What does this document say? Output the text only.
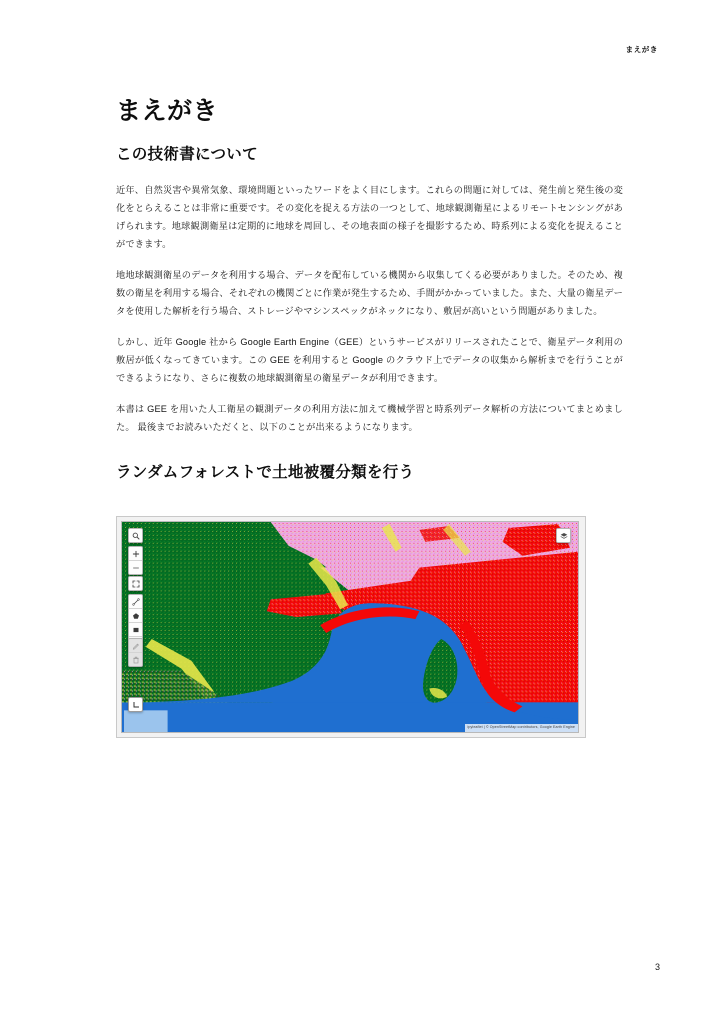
まえがき
まえがき
この技術書について

近年、自然災害や異常気象、環境問題といったワードをよく目にします。これらの問題に対しては、発生前と発生後の変化をとらえることは非常に重要です。その変化を捉える方法の一つとして、地球観測衛星によるリモートセンシングがあげられます。地球観測衛星は定期的に地球を周回し、その地表面の様子を撮影するため、時系列による変化を捉えることができます。

地地球観測衛星のデータを利用する場合、データを配布している機関から収集してくる必要がありました。そのため、複数の衛星を利用する場合、それぞれの機関ごとに作業が発生するため、手間がかかっていました。また、大量の衛星データを使用した解析を行う場合、ストレージやマシンスペックがネックになり、敷居が高いという問題がありました。

しかし、近年 Google 社から Google Earth Engine（GEE）というサービスがリリースされたことで、衛星データ利用の敷居が低くなってきています。この GEE を利用すると Google のクラウド上でデータの収集から解析までを行うことができるようになり、さらに複数の地球観測衛星の衛星データが利用できます。

本書は GEE を用いた人工衛星の観測データの利用方法に加えて機械学習と時系列データ解析の方法についてまとめました。 最後までお読みいただくと、以下のことが出来るようになります。

ランダムフォレストで土地被覆分類を行う
ipyleaflet | © OpenStreetMap contributors, Google Earth Engine
3
